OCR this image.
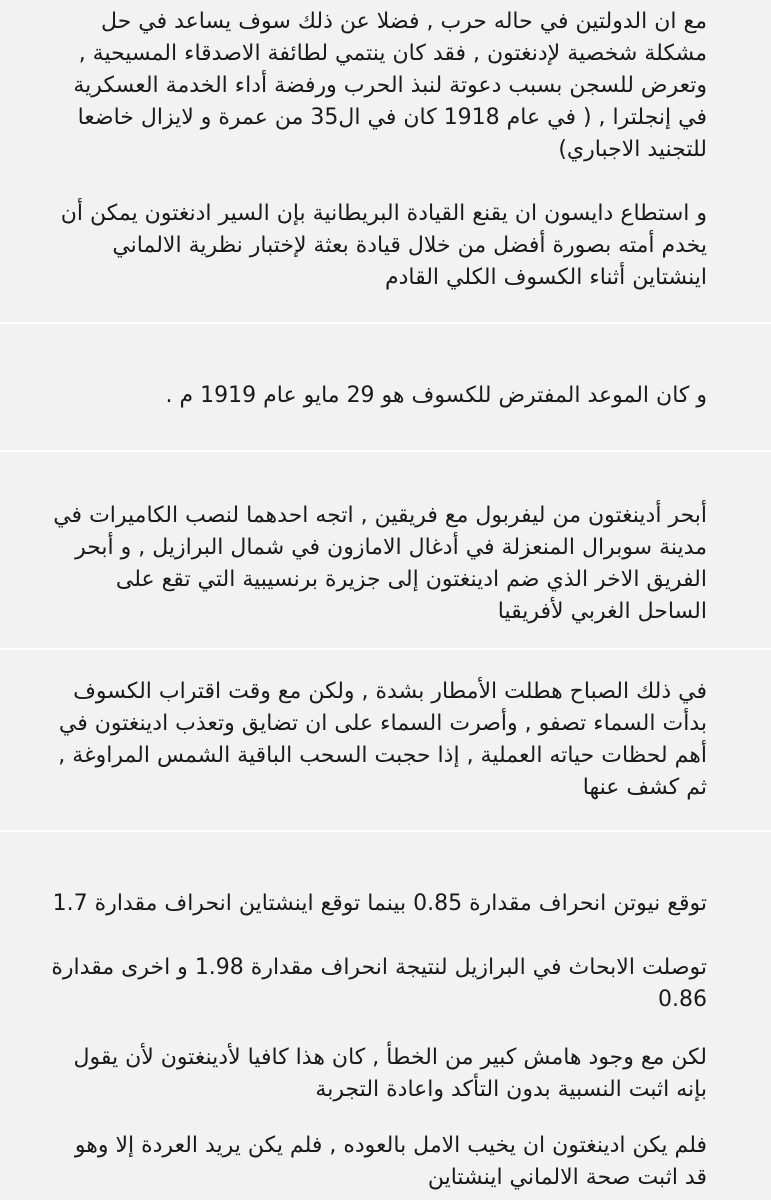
مع ان الدولتين في حاله حرب , فضلا عن ذلك سوف يساعد في حل مشكلة شخصية لإدنغتون , فقد كان ينتمي لطائفة الاصدقاء المسيحية , وتعرض للسجن بسبب دعوتة لنبذ الحرب ورفضة أداء الخدمة العسكرية في إنجلترا , ( في عام 1918 كان في ال35 من عمرة و لايزال خاضعا للتجنيد الاجباري)

و استطاع دايسون ان يقنع القيادة البريطانية بإن السير ادنغتون يمكن أن يخدم أمته بصورة أفضل من خلال قيادة بعثة لإختبار نظرية الالماني اينشتاين أثناء الكسوف الكلي القادم

و كان الموعد المفترض للكسوف هو 29 مايو عام 1919 م .

أبحر أدينغتون من ليفربول مع فريقين , اتجه احدهما لنصب الكاميرات في مدينة سوبرال المنعزلة في أدغال الامازون في شمال البرازيل , و أبحر الفريق الاخر الذي ضم ادينغتون إلى جزيرة برنسيبية التي تقع على الساحل الغربي لأفريقيا

في ذلك الصباح هطلت الأمطار بشدة , ولكن مع وقت اقتراب الكسوف بدأت السماء تصفو , وأصرت السماء على ان تضايق وتعذب ادينغتون في أهم لحظات حياته العملية , إذا حجبت السحب الباقية الشمس المراوغة , ثم كشف عنها

توقع نيوتن انحراف مقدارة 0.85 بينما توقع اينشتاين انحراف مقدارة 1.7

توصلت الابحاث في البرازيل لنتيجة انحراف مقدارة 1.98 و اخرى مقدارة 0.86

لكن مع وجود هامش كبير من الخطأ , كان هذا كافيا لأدينغتون لأن يقول بإنه اثبت النسبية بدون التأكد واعادة التجربة

فلم يكن ادينغتون ان يخيب الامل بالعوده , فلم يكن يريد العردة إلا وهو قد اثبت صحة الالماني اينشتاين
